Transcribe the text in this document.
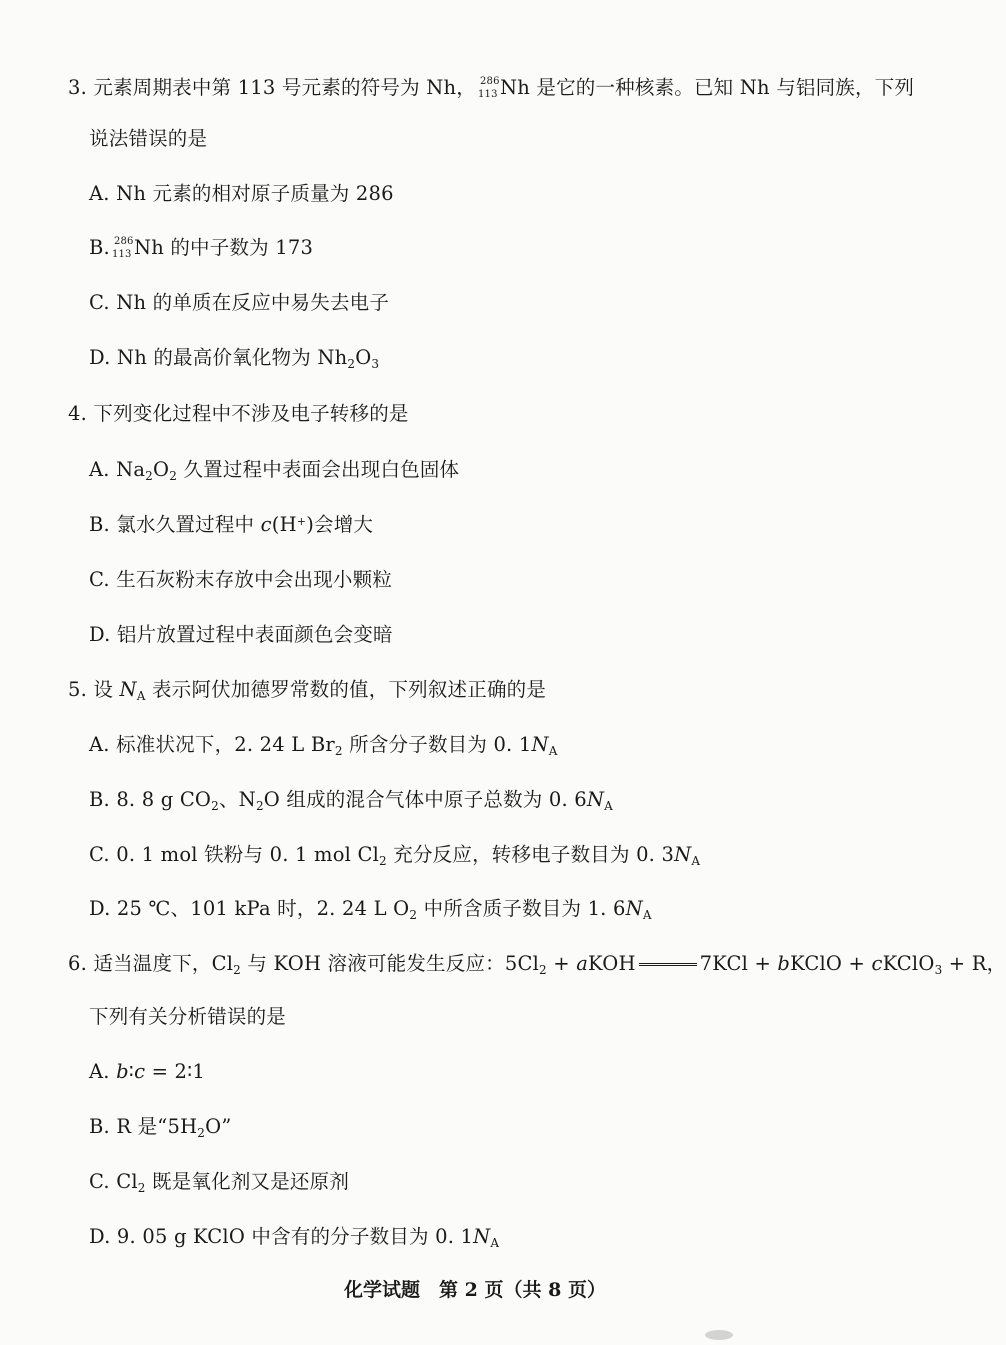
3. 元素周期表中第 113 号元素的符号为 Nh， 286
113 Nh 是它的一种核素。已知 Nh 与铝同族，下列
说法错误的是
A. Nh 元素的相对原子质量为 286
B. 286
113 Nh 的中子数为 173
C. Nh 的单质在反应中易失去电子
D. Nh 的最高价氧化物为 $Nh_2O_3$
4. 下列变化过程中不涉及电子转移的是
A. $Na_2O_2$ 久置过程中表面会出现白色固体
B. 氯水久置过程中 c(H+)会增大
C. 生石灰粉末存放中会出现小颗粒
D. 铝片放置过程中表面颜色会变暗
5. 设 $N_A$ 表示阿伏加德罗常数的值，下列叙述正确的是
A. 标准状况下，2. 24 L $Br_2$ 所含分子数目为 0. $1N_A$
B. 8. 8 g $CO_2$、$N_2O$ 组成的混合气体中原子总数为 0. $6N_A$
C. 0. 1 mol 铁粉与 0. 1 mol $Cl_2$ 充分反应，转移电子数目为 0. $3N_A$
D. 25 ℃、101 kPa 时，2. 24 L $O_2$ 中所含质子数目为 1. $6N_A$
6. 适当温度下，$Cl_2$ 与 KOH 溶液可能发生反应：$5Cl_2$ + aKOH	7KCl + bKClO + cKClO$_3$ + R，
下列有关分析错误的是
A. b∶c = 2∶1
B. R 是“$5H_2O$”
C. $Cl_2$ 既是氧化剂又是还原剂
D. 9. 05 g KClO 中含有的分子数目为 0. $1N_A$
化学试题　第 2 页（共 8 页）
